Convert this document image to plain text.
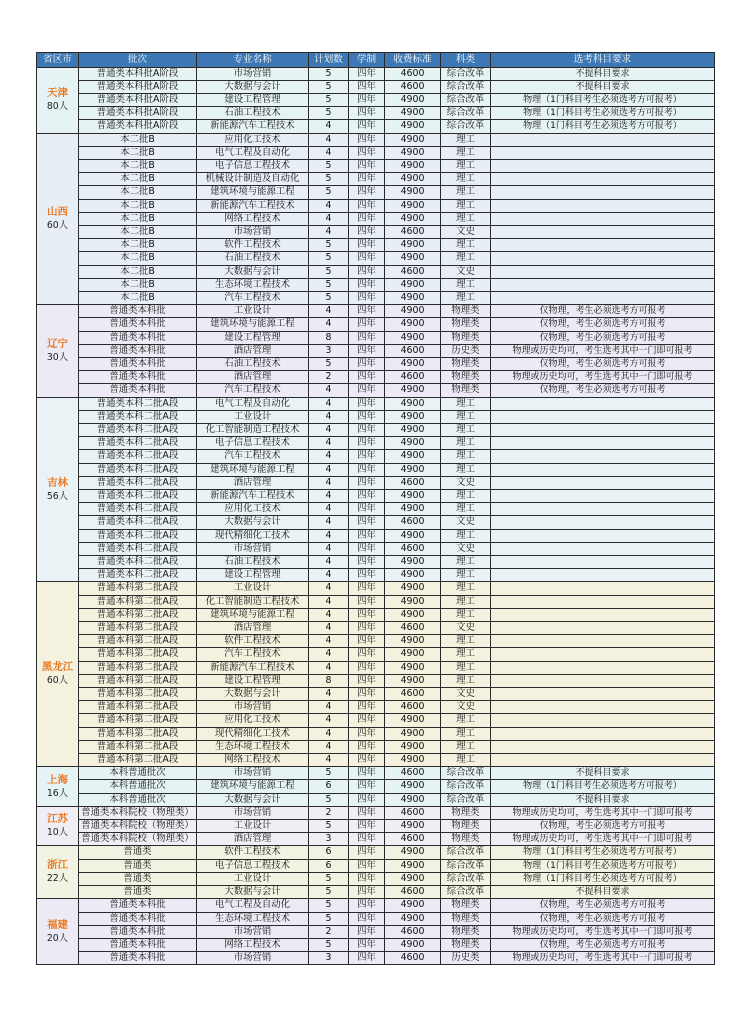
省区市	批次	专业名称	计划数	学制	收费标准	科类	选考科目要求
天津
80人	普通类本科批A阶段	市场营销	5	四年	4600	综合改革	不提科目要求
	普通类本科批A阶段	大数据与会计	5	四年	4600	综合改革	不提科目要求
	普通类本科批A阶段	建设工程管理	5	四年	4900	综合改革	物理（1门科目考生必须选考方可报考）
	普通类本科批A阶段	石油工程技术	5	四年	4900	综合改革	物理（1门科目考生必须选考方可报考）
	普通类本科批A阶段	新能源汽车工程技术	4	四年	4900	综合改革	物理（1门科目考生必须选考方可报考）
山西
60人	本二批B	应用化工技术	4	四年	4900	理工	
	本二批B	电气工程及自动化	4	四年	4900	理工	
	本二批B	电子信息工程技术	5	四年	4900	理工	
	本二批B	机械设计制造及自动化	5	四年	4900	理工	
	本二批B	建筑环境与能源工程	5	四年	4900	理工	
	本二批B	新能源汽车工程技术	4	四年	4900	理工	
	本二批B	网络工程技术	4	四年	4900	理工	
	本二批B	市场营销	4	四年	4600	文史	
	本二批B	软件工程技术	5	四年	4900	理工	
	本二批B	石油工程技术	5	四年	4900	理工	
	本二批B	大数据与会计	5	四年	4600	文史	
	本二批B	生态环境工程技术	5	四年	4900	理工	
	本二批B	汽车工程技术	5	四年	4900	理工	
辽宁
30人	普通类本科批	工业设计	4	四年	4900	物理类	仅物理，考生必须选考方可报考
	普通类本科批	建筑环境与能源工程	4	四年	4900	物理类	仅物理，考生必须选考方可报考
	普通类本科批	建设工程管理	8	四年	4900	物理类	仅物理，考生必须选考方可报考
	普通类本科批	酒店管理	3	四年	4600	历史类	物理或历史均可，考生选考其中一门即可报考
	普通类本科批	石油工程技术	5	四年	4900	物理类	仅物理，考生必须选考方可报考
	普通类本科批	酒店管理	2	四年	4600	物理类	物理或历史均可，考生选考其中一门即可报考
	普通类本科批	汽车工程技术	4	四年	4900	物理类	仅物理，考生必须选考方可报考
吉林
56人	普通类本科二批A段	电气工程及自动化	4	四年	4900	理工	
	普通类本科二批A段	工业设计	4	四年	4900	理工	
	普通类本科二批A段	化工智能制造工程技术	4	四年	4900	理工	
	普通类本科二批A段	电子信息工程技术	4	四年	4900	理工	
	普通类本科二批A段	汽车工程技术	4	四年	4900	理工	
	普通类本科二批A段	建筑环境与能源工程	4	四年	4900	理工	
	普通类本科二批A段	酒店管理	4	四年	4600	文史	
	普通类本科二批A段	新能源汽车工程技术	4	四年	4900	理工	
	普通类本科二批A段	应用化工技术	4	四年	4900	理工	
	普通类本科二批A段	大数据与会计	4	四年	4600	文史	
	普通类本科二批A段	现代精细化工技术	4	四年	4900	理工	
	普通类本科二批A段	市场营销	4	四年	4600	文史	
	普通类本科二批A段	石油工程技术	4	四年	4900	理工	
	普通类本科二批A段	建设工程管理	4	四年	4900	理工	
黑龙江
60人	普通本科第二批A段	工业设计	4	四年	4900	理工	
	普通本科第二批A段	化工智能制造工程技术	4	四年	4900	理工	
	普通本科第二批A段	建筑环境与能源工程	4	四年	4900	理工	
	普通本科第二批A段	酒店管理	4	四年	4600	文史	
	普通本科第二批A段	软件工程技术	4	四年	4900	理工	
	普通本科第二批A段	汽车工程技术	4	四年	4900	理工	
	普通本科第二批A段	新能源汽车工程技术	4	四年	4900	理工	
	普通本科第二批A段	建设工程管理	8	四年	4900	理工	
	普通本科第二批A段	大数据与会计	4	四年	4600	文史	
	普通本科第二批A段	市场营销	4	四年	4600	文史	
	普通本科第二批A段	应用化工技术	4	四年	4900	理工	
	普通本科第二批A段	现代精细化工技术	4	四年	4900	理工	
	普通本科第二批A段	生态环境工程技术	4	四年	4900	理工	
	普通本科第二批A段	网络工程技术	4	四年	4900	理工	
上海
16人	本科普通批次	市场营销	5	四年	4600	综合改革	不提科目要求
	本科普通批次	建筑环境与能源工程	6	四年	4900	综合改革	物理（1门科目考生必须选考方可报考）
	本科普通批次	大数据与会计	5	四年	4900	综合改革	不提科目要求
江苏
10人	普通类本科院校（物理类）	市场营销	2	四年	4600	物理类	物理或历史均可，考生选考其中一门即可报考
	普通类本科院校（物理类）	工业设计	5	四年	4900	物理类	仅物理，考生必须选考方可报考
	普通类本科院校（物理类）	酒店管理	3	四年	4600	物理类	物理或历史均可，考生选考其中一门即可报考
浙江
22人	普通类	软件工程技术	6	四年	4900	综合改革	物理（1门科目考生必须选考方可报考）
	普通类	电子信息工程技术	6	四年	4900	综合改革	物理（1门科目考生必须选考方可报考）
	普通类	工业设计	5	四年	4900	综合改革	物理（1门科目考生必须选考方可报考）
	普通类	大数据与会计	5	四年	4600	综合改革	不提科目要求
福建
20人	普通类本科批	电气工程及自动化	5	四年	4900	物理类	仅物理，考生必须选考方可报考
	普通类本科批	生态环境工程技术	5	四年	4900	物理类	仅物理，考生必须选考方可报考
	普通类本科批	市场营销	2	四年	4600	物理类	物理或历史均可，考生选考其中一门即可报考
	普通类本科批	网络工程技术	5	四年	4900	物理类	仅物理，考生必须选考方可报考
	普通类本科批	市场营销	3	四年	4600	历史类	物理或历史均可，考生选考其中一门即可报考
